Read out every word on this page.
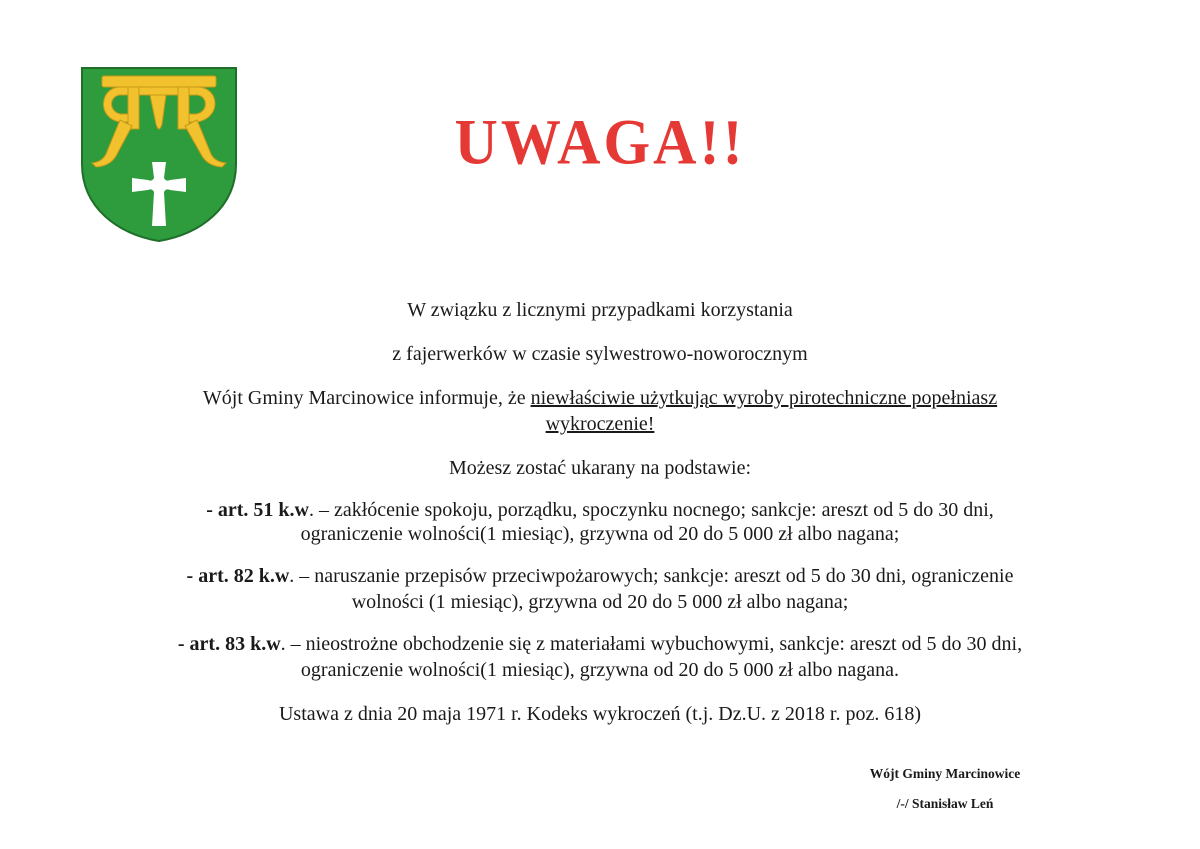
UWAGA!!
W związku z licznymi przypadkami korzystania
z fajerwerków w czasie sylwestrowo-noworocznym
Wójt Gminy Marcinowice informuje, że niewłaściwie użytkując wyroby pirotechniczne popełniasz
wykroczenie!
Możesz zostać ukarany na podstawie:
- art. 51 k.w. – zakłócenie spokoju, porządku, spoczynku nocnego; sankcje: areszt od 5 do 30 dni,
ograniczenie wolności(1 miesiąc), grzywna od 20 do 5 000 zł albo nagana;
- art. 82 k.w. – naruszanie przepisów przeciwpożarowych; sankcje: areszt od 5 do 30 dni, ograniczenie
wolności (1 miesiąc), grzywna od 20 do 5 000 zł albo nagana;
- art. 83 k.w. – nieostrożne obchodzenie się z materiałami wybuchowymi, sankcje: areszt od 5 do 30 dni,
ograniczenie wolności(1 miesiąc), grzywna od 20 do 5 000 zł albo nagana.
Ustawa z dnia 20 maja 1971 r. Kodeks wykroczeń (t.j. Dz.U. z 2018 r. poz. 618)
Wójt Gminy Marcinowice
/-/ Stanisław Leń
